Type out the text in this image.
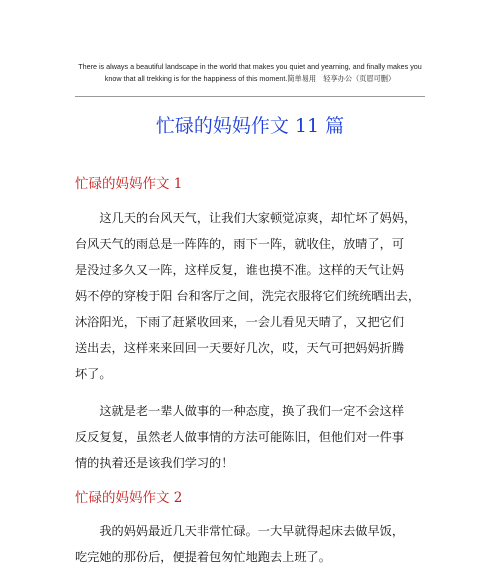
There is always a beautiful landscape in the world that makes you quiet and yearning, and finally makes you
know that all trekking is for the happiness of this moment.简单易用　轻享办公（页眉可删）
忙碌的妈妈作文 11 篇
忙碌的妈妈作文 1
　　这几天的台风天气，让我们大家顿觉凉爽，却忙坏了妈妈，
台风天气的雨总是一阵阵的，雨下一阵，就收住，放晴了，可
是没过多久又一阵，这样反复，谁也摸不准。这样的天气让妈
妈不停的穿梭于阳 台和客厅之间，洗完衣服将它们统统晒出去，
沐浴阳光，下雨了赶紧收回来，一会儿看见天晴了，又把它们
送出去，这样来来回回一天要好几次，哎，天气可把妈妈折腾
坏了。
　　这就是老一辈人做事的一种态度，换了我们一定不会这样
反反复复，虽然老人做事情的方法可能陈旧，但他们对一件事
情的执着还是该我们学习的！
忙碌的妈妈作文 2
　　我的妈妈最近几天非常忙碌。一大早就得起床去做早饭，
吃完她的那份后，便提着包匆忙地跑去上班了。
